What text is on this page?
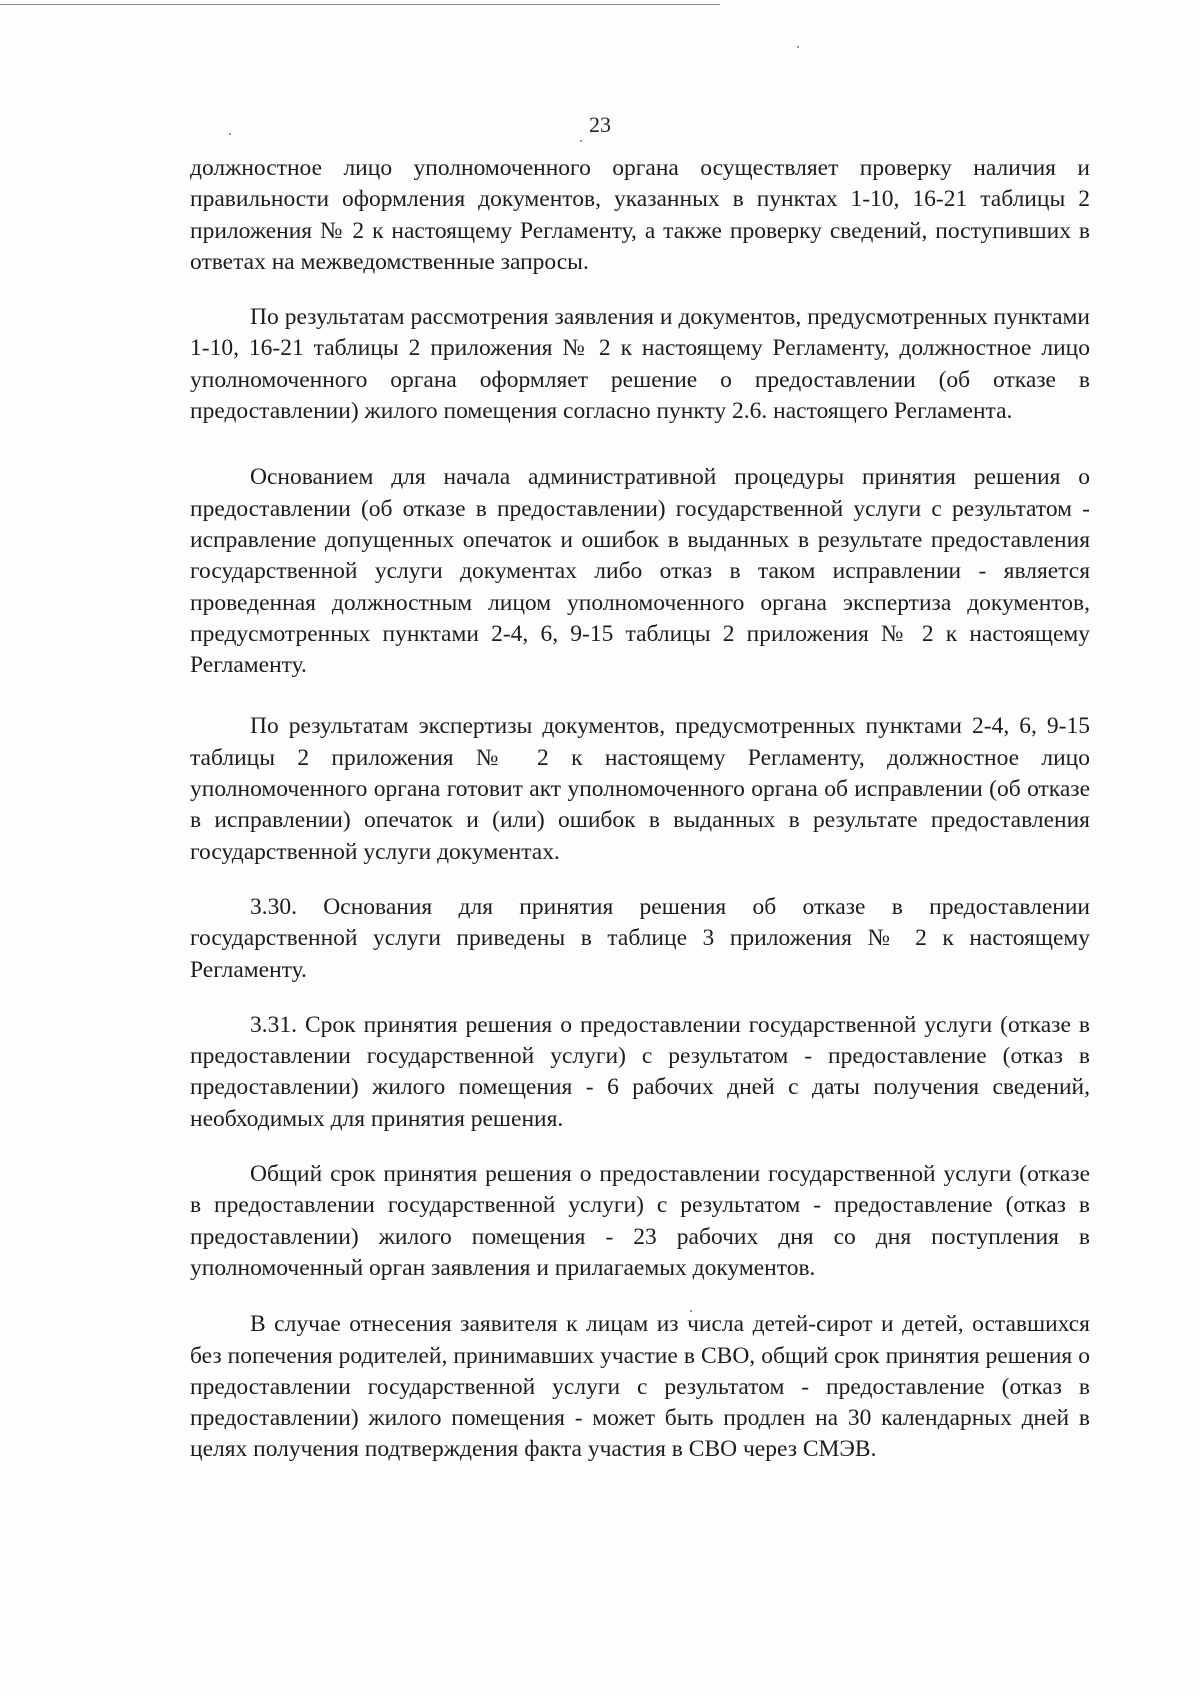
23

должностное лицо уполномоченного органа осуществляет проверку наличия и правильности оформления документов, указанных в пунктах 1-10, 16-21 таблицы 2 приложения № 2 к настоящему Регламенту, а также проверку сведений, поступивших в ответах на межведомственные запросы.

По результатам рассмотрения заявления и документов, предусмотренных пунктами 1-10, 16-21 таблицы 2 приложения № 2 к настоящему Регламенту, должностное лицо уполномоченного органа оформляет решение о предоставлении (об отказе в предоставлении) жилого помещения согласно пункту 2.6. настоящего Регламента.

Основанием для начала административной процедуры принятия решения о предоставлении (об отказе в предоставлении) государственной услуги с результатом - исправление допущенных опечаток и ошибок в выданных в результате предоставления государственной услуги документах либо отказ в таком исправлении - является проведенная должностным лицом уполномоченного органа экспертиза документов, предусмотренных пунктами 2-4, 6, 9-15 таблицы 2 приложения № 2 к настоящему Регламенту.

По результатам экспертизы документов, предусмотренных пунктами 2-4, 6, 9-15 таблицы 2 приложения № 2 к настоящему Регламенту, должностное лицо уполномоченного органа готовит акт уполномоченного органа об исправлении (об отказе в исправлении) опечаток и (или) ошибок в выданных в результате предоставления государственной услуги документах.

3.30. Основания для принятия решения об отказе в предоставлении государственной услуги приведены в таблице 3 приложения № 2 к настоящему Регламенту.

3.31. Срок принятия решения о предоставлении государственной услуги (отказе в предоставлении государственной услуги) с результатом - предоставление (отказ в предоставлении) жилого помещения - 6 рабочих дней с даты получения сведений, необходимых для принятия решения.

Общий срок принятия решения о предоставлении государственной услуги (отказе в предоставлении государственной услуги) с результатом - предоставление (отказ в предоставлении) жилого помещения - 23 рабочих дня со дня поступления в уполномоченный орган заявления и прилагаемых документов.

В случае отнесения заявителя к лицам из числа детей-сирот и детей, оставшихся без попечения родителей, принимавших участие в СВО, общий срок принятия решения о предоставлении государственной услуги с результатом - предоставление (отказ в предоставлении) жилого помещения - может быть продлен на 30 календарных дней в целях получения подтверждения факта участия в СВО через СМЭВ.
